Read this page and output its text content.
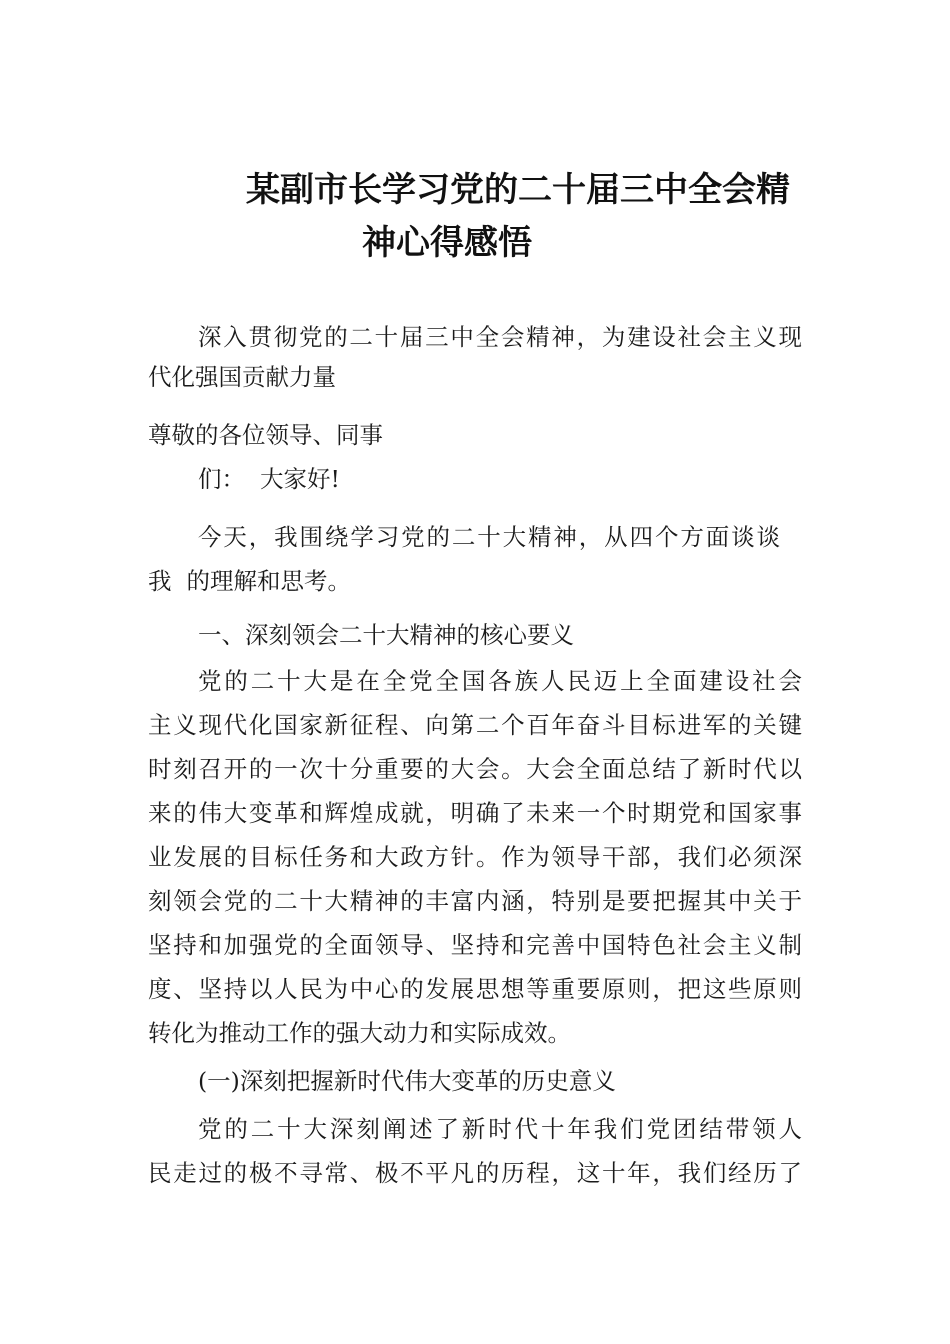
某副市长学习党的二十届三中全会精
神心得感悟

深入贯彻党的二十届三中全会精神，为建设社会主义现

代化强国贡献力量

尊敬的各位领导、同事

们：  大家好!

今天，我围绕学习党的二十大精神，从四个方面谈谈

我  的理解和思考。

一、深刻领会二十大精神的核心要义

党的二十大是在全党全国各族人民迈上全面建设社会

主义现代化国家新征程、向第二个百年奋斗目标进军的关键

时刻召开的一次十分重要的大会。大会全面总结了新时代以

来的伟大变革和辉煌成就，明确了未来一个时期党和国家事

业发展的目标任务和大政方针。作为领导干部，我们必须深

刻领会党的二十大精神的丰富内涵，特别是要把握其中关于

坚持和加强党的全面领导、坚持和完善中国特色社会主义制

度、坚持以人民为中心的发展思想等重要原则，把这些原则

转化为推动工作的强大动力和实际成效。

(一)深刻把握新时代伟大变革的历史意义

党的二十大深刻阐述了新时代十年我们党团结带领人

民走过的极不寻常、极不平凡的历程，这十年，我们经历了
